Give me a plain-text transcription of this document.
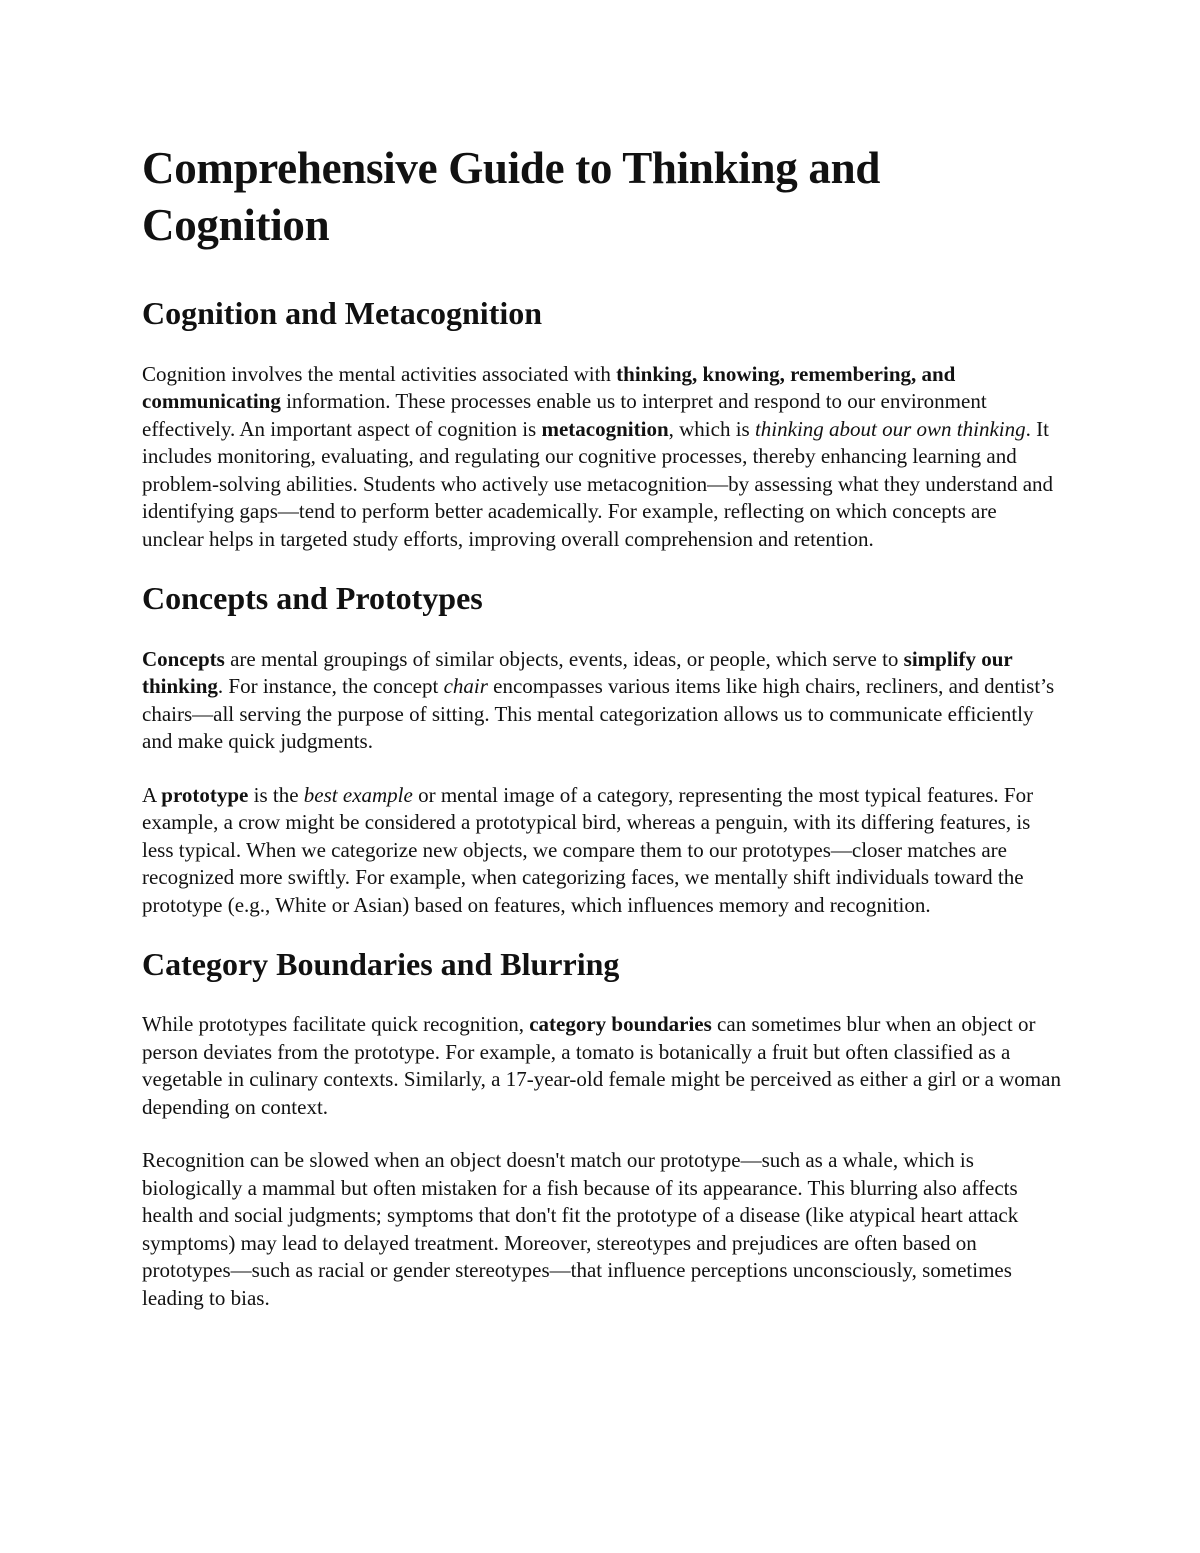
Comprehensive Guide to Thinking and Cognition
Cognition and Metacognition

Cognition involves the mental activities associated with thinking, knowing, remembering, and communicating information. These processes enable us to interpret and respond to our environment effectively. An important aspect of cognition is metacognition, which is thinking about our own thinking. It includes monitoring, evaluating, and regulating our cognitive processes, thereby enhancing learning and problem-solving abilities. Students who actively use metacognition—by assessing what they understand and identifying gaps—tend to perform better academically. For example, reflecting on which concepts are unclear helps in targeted study efforts, improving overall comprehension and retention.

Concepts and Prototypes

Concepts are mental groupings of similar objects, events, ideas, or people, which serve to simplify our thinking. For instance, the concept chair encompasses various items like high chairs, recliners, and dentist’s chairs—all serving the purpose of sitting. This mental categorization allows us to communicate efficiently and make quick judgments.

A prototype is the best example or mental image of a category, representing the most typical features. For example, a crow might be considered a prototypical bird, whereas a penguin, with its differing features, is less typical. When we categorize new objects, we compare them to our prototypes—closer matches are recognized more swiftly. For example, when categorizing faces, we mentally shift individuals toward the prototype (e.g., White or Asian) based on features, which influences memory and recognition.

Category Boundaries and Blurring

While prototypes facilitate quick recognition, category boundaries can sometimes blur when an object or person deviates from the prototype. For example, a tomato is botanically a fruit but often classified as a vegetable in culinary contexts. Similarly, a 17-year-old female might be perceived as either a girl or a woman depending on context.

Recognition can be slowed when an object doesn't match our prototype—such as a whale, which is biologically a mammal but often mistaken for a fish because of its appearance. This blurring also affects health and social judgments; symptoms that don't fit the prototype of a disease (like atypical heart attack symptoms) may lead to delayed treatment. Moreover, stereotypes and prejudices are often based on prototypes—such as racial or gender stereotypes—that influence perceptions unconsciously, sometimes leading to bias.
